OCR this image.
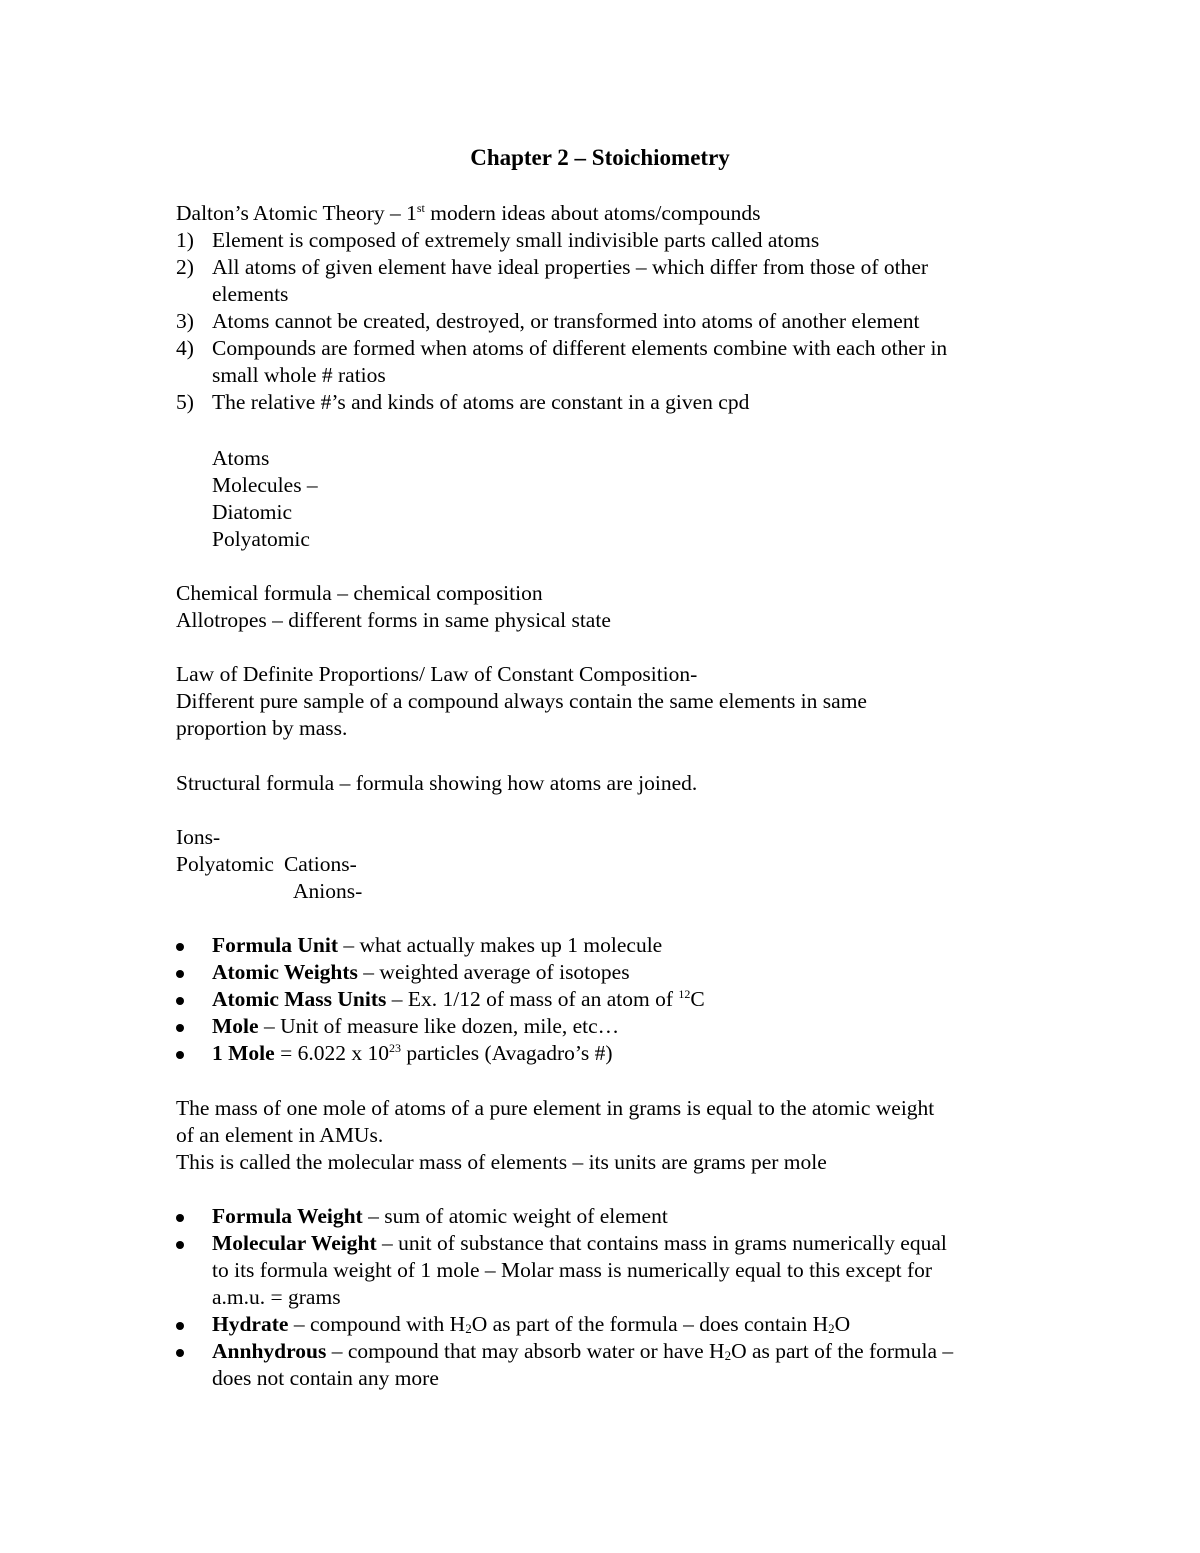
Chapter 2 – Stoichiometry
Dalton’s Atomic Theory – 1st modern ideas about atoms/compounds
1) Element is composed of extremely small indivisible parts called atoms
2) All atoms of given element have ideal properties – which differ from those of other
elements
3) Atoms cannot be created, destroyed, or transformed into atoms of another element
4) Compounds are formed when atoms of different elements combine with each other in
small whole # ratios
5) The relative #’s and kinds of atoms are constant in a given cpd
Atoms
Molecules –
Diatomic
Polyatomic
Chemical formula – chemical composition
Allotropes – different forms in same physical state
Law of Definite Proportions/ Law of Constant Composition-
Different pure sample of a compound always contain the same elements in same
proportion by mass.
Structural formula – formula showing how atoms are joined.
Ions-
Polyatomic Cations-
Anions-
Formula Unit – what actually makes up 1 molecule
Atomic Weights – weighted average of isotopes
Atomic Mass Units – Ex. 1/12 of mass of an atom of $^{12}$C
Mole – Unit of measure like dozen, mile, etc…
1 Mole = 6.022 x $10^{23}$ particles (Avagadro’s #)
The mass of one mole of atoms of a pure element in grams is equal to the atomic weight
of an element in AMUs.
This is called the molecular mass of elements – its units are grams per mole
Formula Weight – sum of atomic weight of element
Molecular Weight – unit of substance that contains mass in grams numerically equal
to its formula weight of 1 mole – Molar mass is numerically equal to this except for
a.m.u. = grams
Hydrate – compound with $H_2O$ as part of the formula – does contain $H_2O$
Annhydrous – compound that may absorb water or have $H_2O$ as part of the formula –
does not contain any more
